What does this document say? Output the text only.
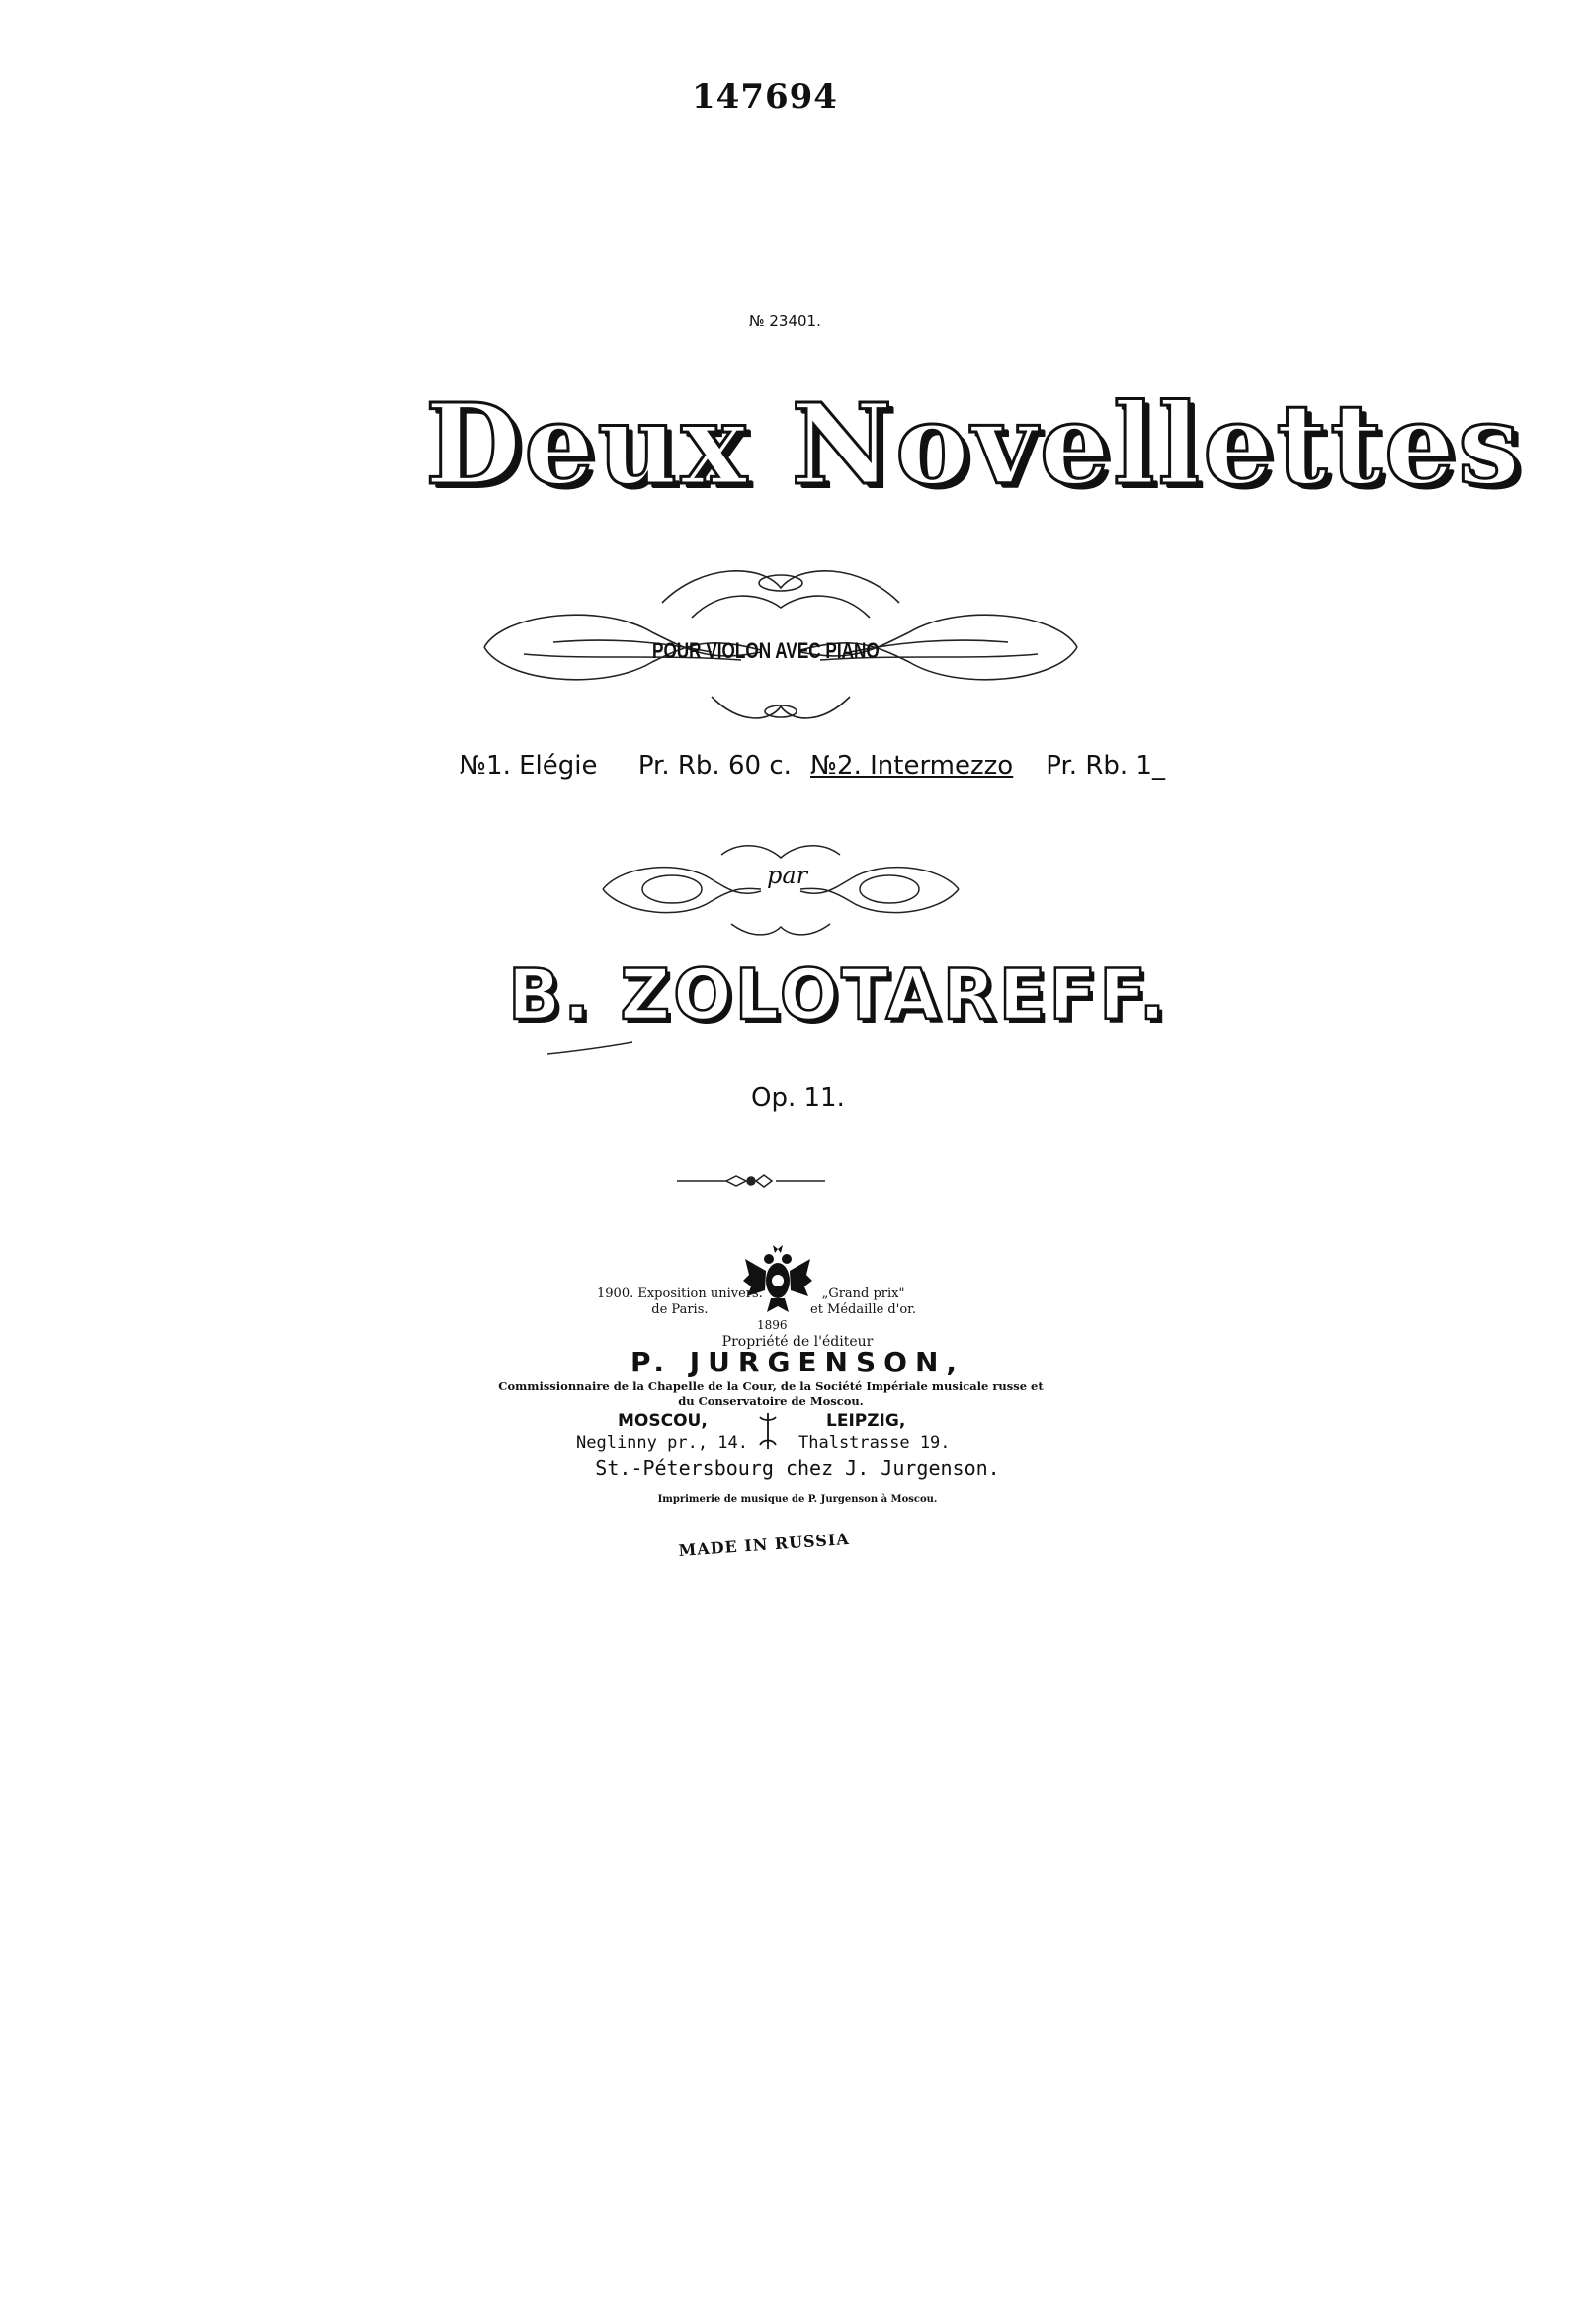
147694
№ 23401.
Deux Novellettes
POUR VIOLON AVEC PIANO
№1. Elégie Pr. Rb. 60 c. №2. Intermezzo Pr. Rb. 1_
par
B. ZOLOTAREFF.
Op. 11.
1900. Exposition univers.
de Paris.
„Grand prix"
et Médaille d'or.
1896
Propriété de l'éditeur
P. JURGENSON,
Commissionnaire de la Chapelle de la Cour, de la Société Impériale musicale russe et du Conservatoire de Moscou.
MOSCOU,	LEIPZIG,
Neglinny pr., 14.	Thalstrasse 19.
St.-Pétersbourg chez J. Jurgenson.
Imprimerie de musique de P. Jurgenson à Moscou.
MADE IN RUSSIA
